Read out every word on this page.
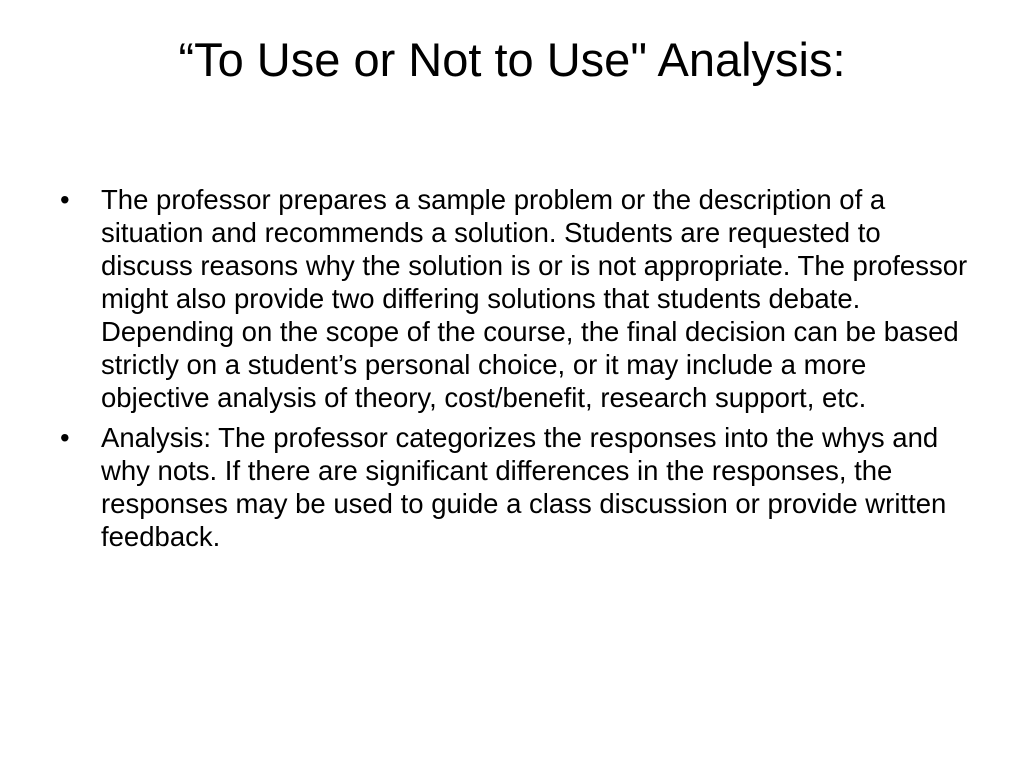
“To Use or Not to Use" Analysis:
•	The professor prepares a sample problem or the description of a situation and recommends a solution. Students are requested to discuss reasons why the solution is or is not appropriate. The professor might also provide two differing solutions that students debate. Depending on the scope of the course, the final decision can be based strictly on a student’s personal choice, or it may include a more objective analysis of theory, cost/benefit, research support, etc.
•	Analysis: The professor categorizes the responses into the whys and why nots. If there are significant differences in the responses, the responses may be used to guide a class discussion or provide written feedback.
